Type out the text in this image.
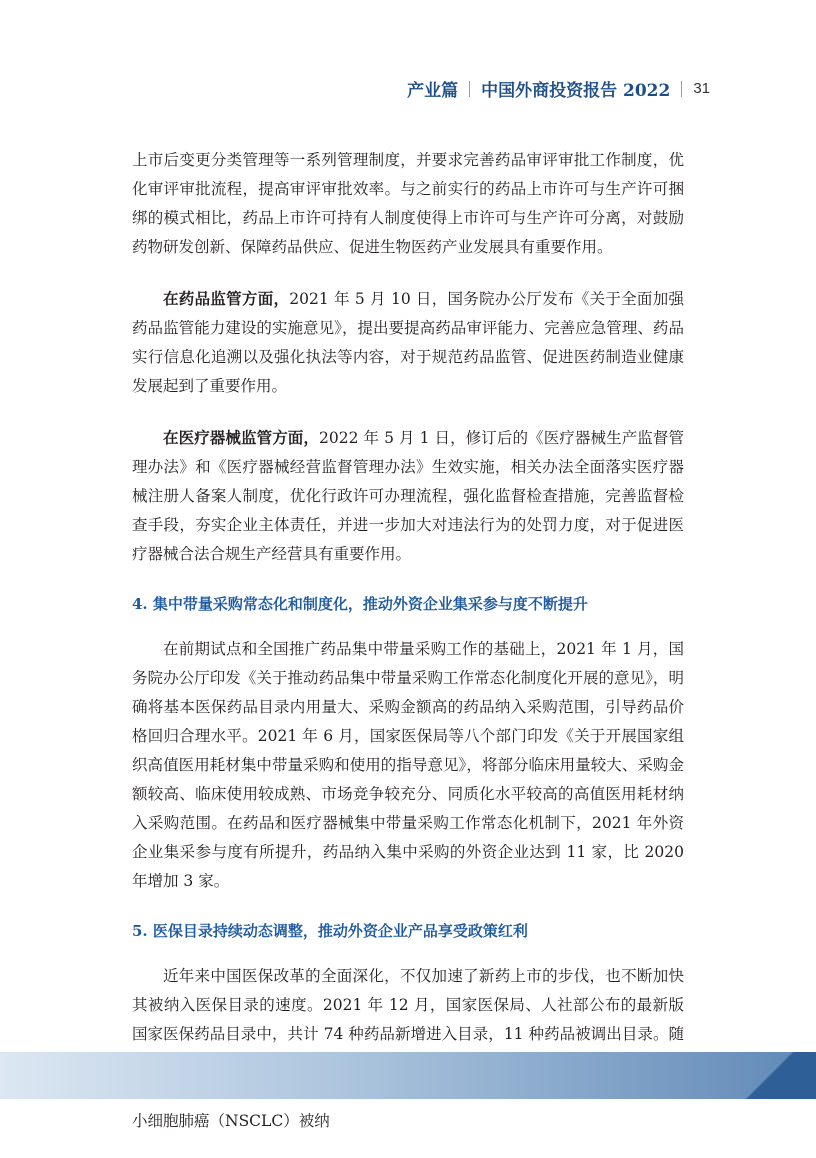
产业篇 中国外商投资报告 2022 31

上市后变更分类管理等一系列管理制度，并要求完善药品审评审批工作制度，优化审评审批流程，提高审评审批效率。与之前实行的药品上市许可与生产许可捆绑的模式相比，药品上市许可持有人制度使得上市许可与生产许可分离，对鼓励药物研发创新、保障药品供应、促进生物医药产业发展具有重要作用。

在药品监管方面，2021 年 5 月 10 日，国务院办公厅发布《关于全面加强药品监管能力建设的实施意见》，提出要提高药品审评能力、完善应急管理、药品实行信息化追溯以及强化执法等内容，对于规范药品监管、促进医药制造业健康发展起到了重要作用。

在医疗器械监管方面，2022 年 5 月 1 日，修订后的《医疗器械生产监督管理办法》和《医疗器械经营监督管理办法》生效实施，相关办法全面落实医疗器械注册人备案人制度，优化行政许可办理流程，强化监督检查措施，完善监督检查手段，夯实企业主体责任，并进一步加大对违法行为的处罚力度，对于促进医疗器械合法合规生产经营具有重要作用。

4. 集中带量采购常态化和制度化，推动外资企业集采参与度不断提升

在前期试点和全国推广药品集中带量采购工作的基础上，2021 年 1 月，国务院办公厅印发《关于推动药品集中带量采购工作常态化制度化开展的意见》，明确将基本医保药品目录内用量大、采购金额高的药品纳入采购范围，引导药品价格回归合理水平。2021 年 6 月，国家医保局等八个部门印发《关于开展国家组织高值医用耗材集中带量采购和使用的指导意见》，将部分临床用量较大、采购金额较高、临床使用较成熟、市场竞争较充分、同质化水平较高的高值医用耗材纳入采购范围。在药品和医疗器械集中带量采购工作常态化机制下，2021 年外资企业集采参与度有所提升，药品纳入集中采购的外资企业达到 11 家，比 2020 年增加 3 家。

5. 医保目录持续动态调整，推动外资企业产品享受政策红利

近年来中国医保改革的全面深化，不仅加速了新药上市的步伐，也不断加快其被纳入医保目录的速度。2021 年 12 月，国家医保局、人社部公布的最新版国家医保药品目录中，共计 74 种药品新增进入目录，11 种药品被调出目录。随 小细胞肺癌（NSCLC）被纳
